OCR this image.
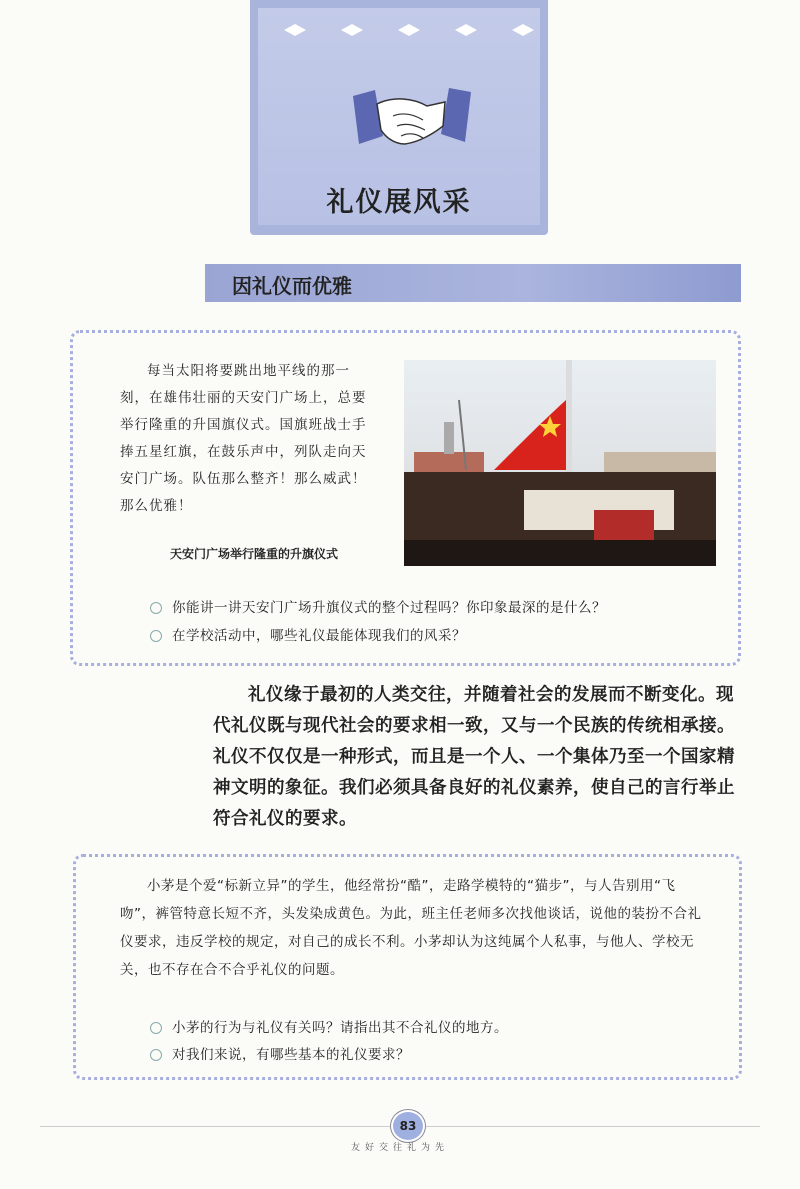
礼仪展风采
因礼仪而优雅
每当太阳将要跳出地平线的那一刻，在雄伟壮丽的天安门广场上，总要举行隆重的升国旗仪式。国旗班战士手捧五星红旗，在鼓乐声中，列队走向天安门广场。队伍那么整齐！那么威武！那么优雅！
天安门广场举行隆重的升旗仪式
你能讲一讲天安门广场升旗仪式的整个过程吗？你印象最深的是什么？
在学校活动中，哪些礼仪最能体现我们的风采？
礼仪缘于最初的人类交往，并随着社会的发展而不断变化。现代礼仪既与现代社会的要求相一致，又与一个民族的传统相承接。礼仪不仅仅是一种形式，而且是一个人、一个集体乃至一个国家精神文明的象征。我们必须具备良好的礼仪素养，使自己的言行举止符合礼仪的要求。
小茅是个爱“标新立异”的学生，他经常扮“酷”，走路学模特的“猫步”，与人告别用“飞吻”，裤管特意长短不齐，头发染成黄色。为此，班主任老师多次找他谈话，说他的装扮不合礼仪要求，违反学校的规定，对自己的成长不利。小茅却认为这纯属个人私事，与他人、学校无关，也不存在合不合乎礼仪的问题。
小茅的行为与礼仪有关吗？请指出其不合礼仪的地方。
对我们来说，有哪些基本的礼仪要求？
83
友好交往礼为先
